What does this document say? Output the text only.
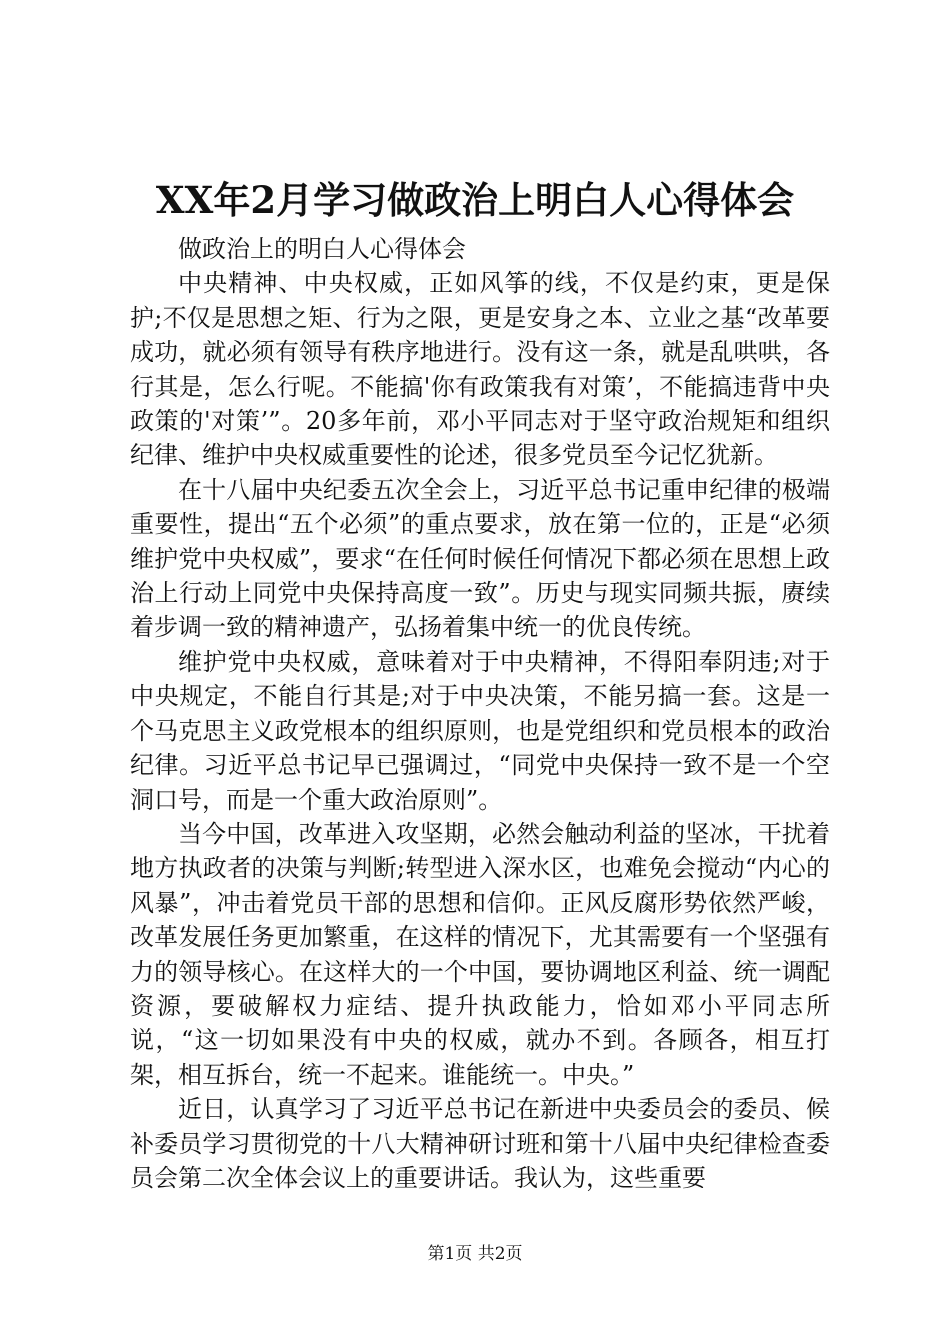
XX年2月学习做政治上明白人心得体会

做政治上的明白人心得体会

中央精神、中央权威，正如风筝的线，不仅是约束，更是保护;不仅是思想之矩、行为之限，更是安身之本、立业之基“改革要成功，就必须有领导有秩序地进行。没有这一条，就是乱哄哄，各行其是，怎么行呢。不能搞'你有政策我有对策’，不能搞违背中央政策的'对策’”。20多年前，邓小平同志对于坚守政治规矩和组织纪律、维护中央权威重要性的论述，很多党员至今记忆犹新。

在十八届中央纪委五次全会上，习近平总书记重申纪律的极端重要性，提出“五个必须”的重点要求，放在第一位的，正是“必须维护党中央权威”，要求“在任何时候任何情况下都必须在思想上政治上行动上同党中央保持高度一致”。历史与现实同频共振，赓续着步调一致的精神遗产，弘扬着集中统一的优良传统。

维护党中央权威，意味着对于中央精神，不得阳奉阴违;对于中央规定，不能自行其是;对于中央决策，不能另搞一套。这是一个马克思主义政党根本的组织原则，也是党组织和党员根本的政治纪律。习近平总书记早已强调过，“同党中央保持一致不是一个空洞口号，而是一个重大政治原则”。

当今中国，改革进入攻坚期，必然会触动利益的坚冰，干扰着地方执政者的决策与判断;转型进入深水区，也难免会搅动“内心的风暴”，冲击着党员干部的思想和信仰。正风反腐形势依然严峻，改革发展任务更加繁重，在这样的情况下，尤其需要有一个坚强有力的领导核心。在这样大的一个中国，要协调地区利益、统一调配资源，要破解权力症结、提升执政能力，恰如邓小平同志所说，“这一切如果没有中央的权威，就办不到。各顾各，相互打架，相互拆台，统一不起来。谁能统一。中央。”

近日，认真学习了习近平总书记在新进中央委员会的委员、候补委员学习贯彻党的十八大精神研讨班和第十八届中央纪律检查委员会第二次全体会议上的重要讲话。我认为，这些重要

第1页 共2页
